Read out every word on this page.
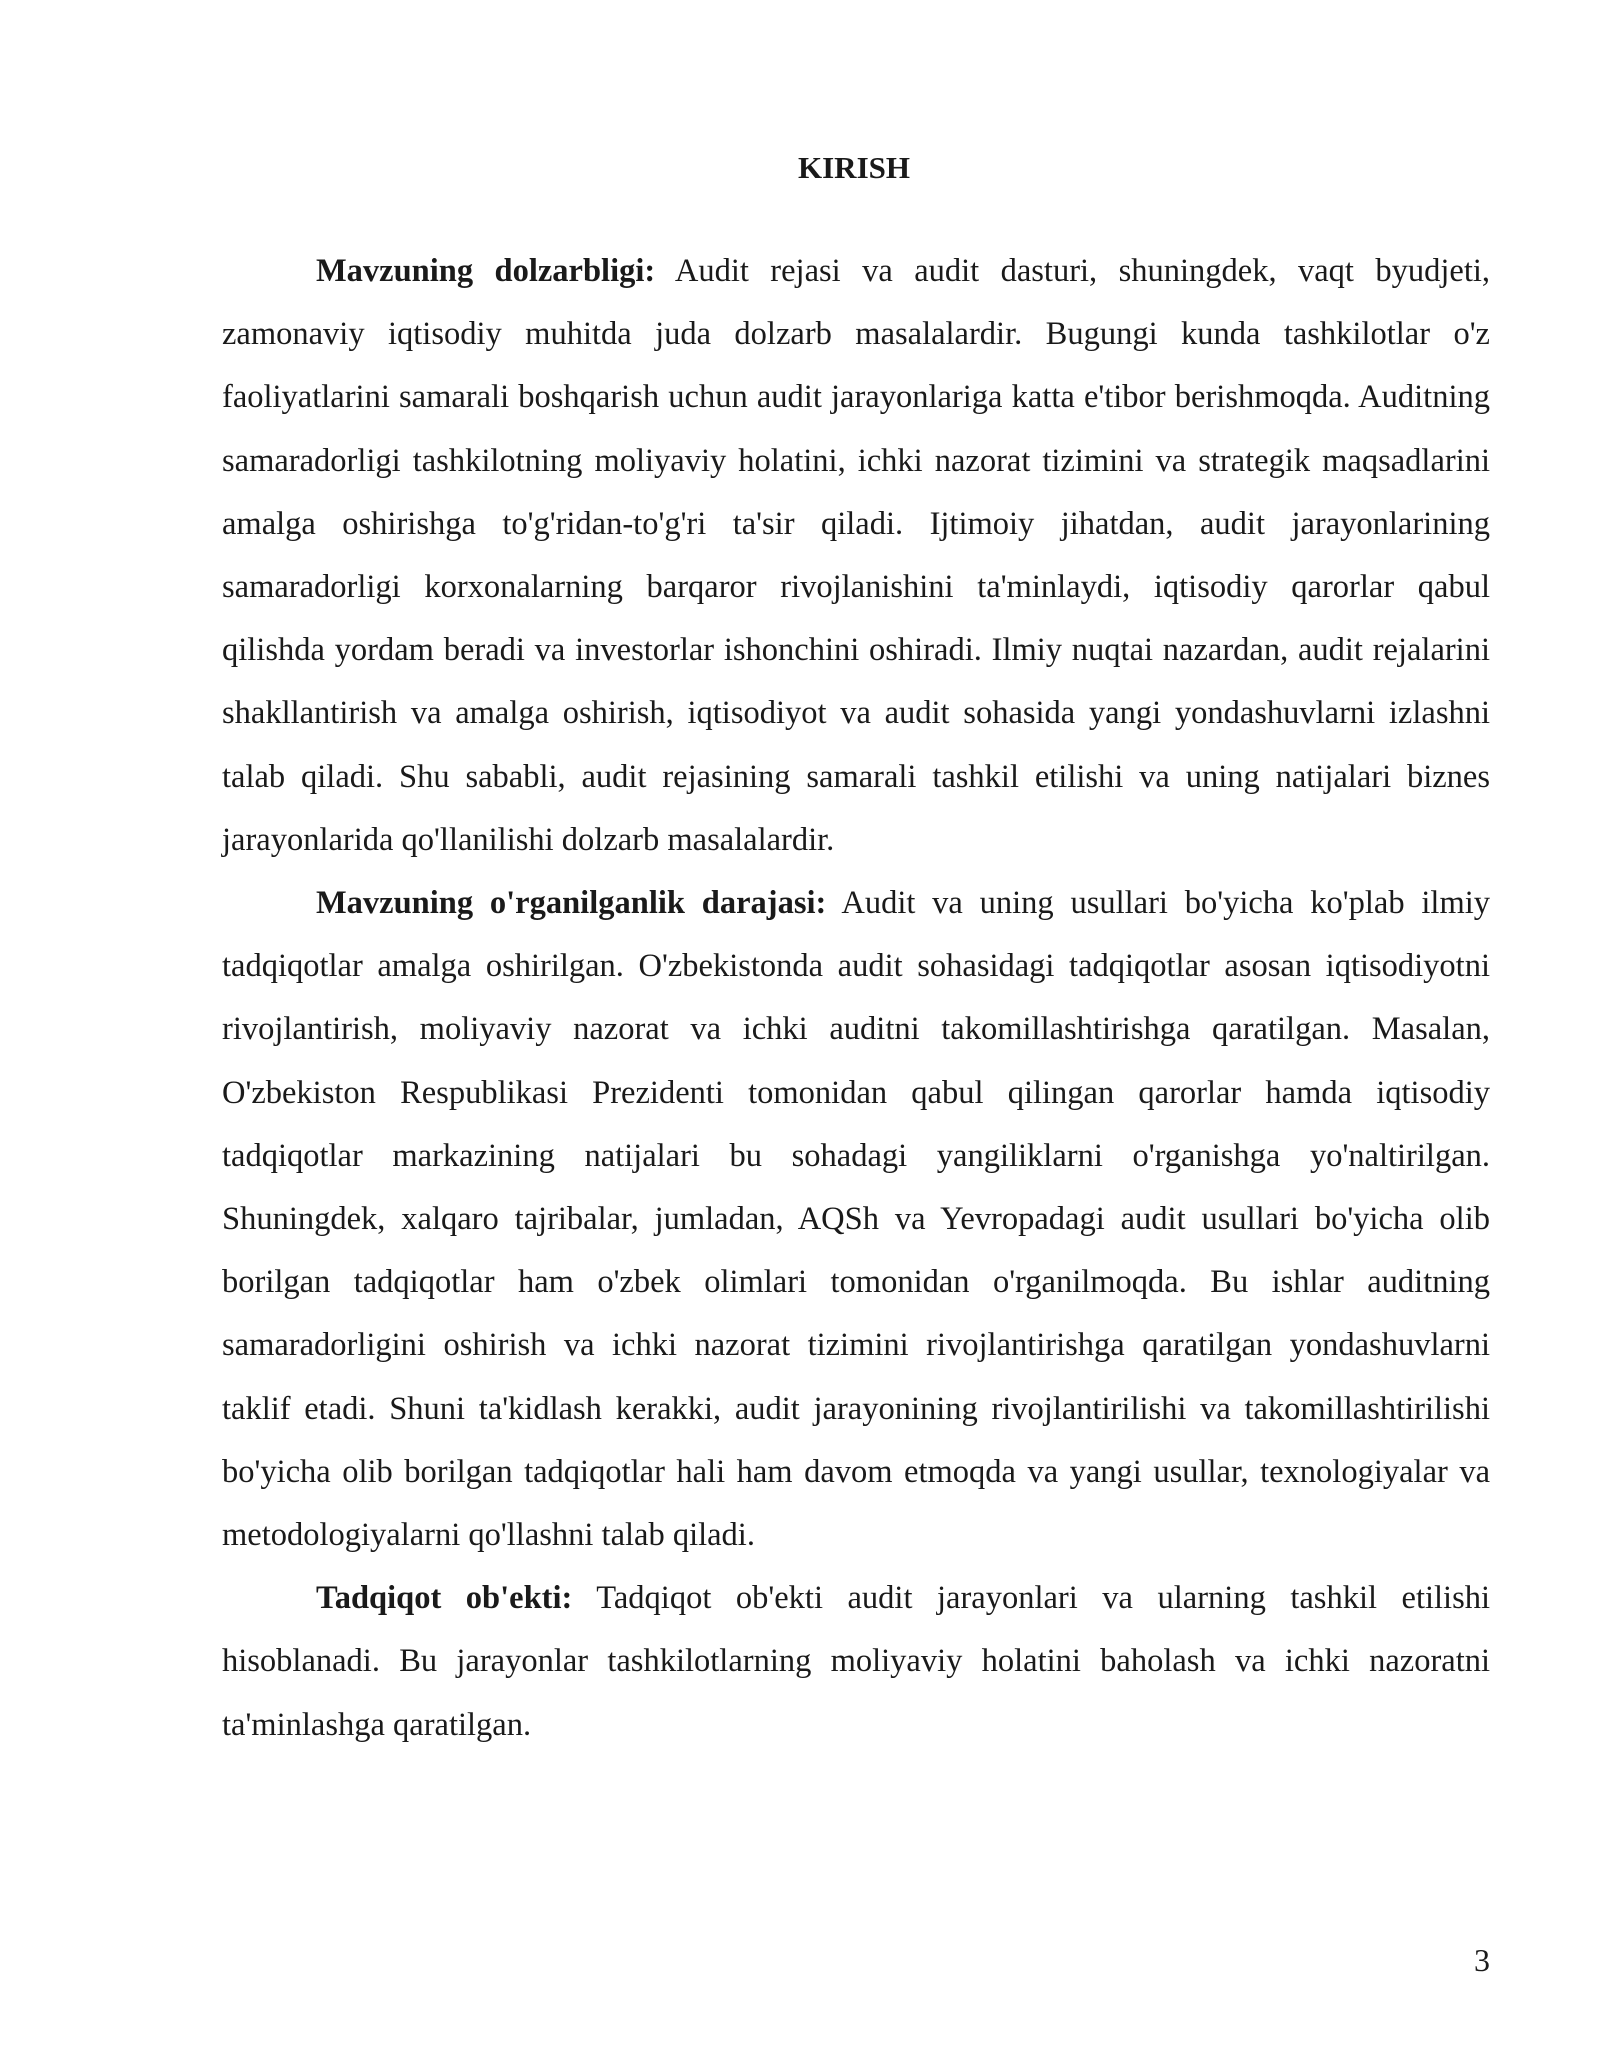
KIRISH

Mavzuning dolzarbligi: Audit rejasi va audit dasturi, shuningdek, vaqt byudjeti, zamonaviy iqtisodiy muhitda juda dolzarb masalalardir. Bugungi kunda tashkilotlar o'z faoliyatlarini samarali boshqarish uchun audit jarayonlariga katta e'tibor berishmoqda. Auditning samaradorligi tashkilotning moliyaviy holatini, ichki nazorat tizimini va strategik maqsadlarini amalga oshirishga to'g'ridan-to'g'ri ta'sir qiladi. Ijtimoiy jihatdan, audit jarayonlarining samaradorligi korxonalarning barqaror rivojlanishini ta'minlaydi, iqtisodiy qarorlar qabul qilishda yordam beradi va investorlar ishonchini oshiradi. Ilmiy nuqtai nazardan, audit rejalarini shakllantirish va amalga oshirish, iqtisodiyot va audit sohasida yangi yondashuvlarni izlashni talab qiladi. Shu sababli, audit rejasining samarali tashkil etilishi va uning natijalari biznes jarayonlarida qo'llanilishi dolzarb masalalardir.

Mavzuning o'rganilganlik darajasi: Audit va uning usullari bo'yicha ko'plab ilmiy tadqiqotlar amalga oshirilgan. O'zbekistonda audit sohasidagi tadqiqotlar asosan iqtisodiyotni rivojlantirish, moliyaviy nazorat va ichki auditni takomillashtirishga qaratilgan. Masalan, O'zbekiston Respublikasi Prezidenti tomonidan qabul qilingan qarorlar hamda iqtisodiy tadqiqotlar markazining natijalari bu sohadagi yangiliklarni o'rganishga yo'naltirilgan. Shuningdek, xalqaro tajribalar, jumladan, AQSh va Yevropadagi audit usullari bo'yicha olib borilgan tadqiqotlar ham o'zbek olimlari tomonidan o'rganilmoqda. Bu ishlar auditning samaradorligini oshirish va ichki nazorat tizimini rivojlantirishga qaratilgan yondashuvlarni taklif etadi. Shuni ta'kidlash kerakki, audit jarayonining rivojlantirilishi va takomillashtirilishi bo'yicha olib borilgan tadqiqotlar hali ham davom etmoqda va yangi usullar, texnologiyalar va metodologiyalarni qo'llashni talab qiladi.

Tadqiqot ob'ekti: Tadqiqot ob'ekti audit jarayonlari va ularning tashkil etilishi hisoblanadi. Bu jarayonlar tashkilotlarning moliyaviy holatini baholash va ichki nazoratni ta'minlashga qaratilgan.

3
